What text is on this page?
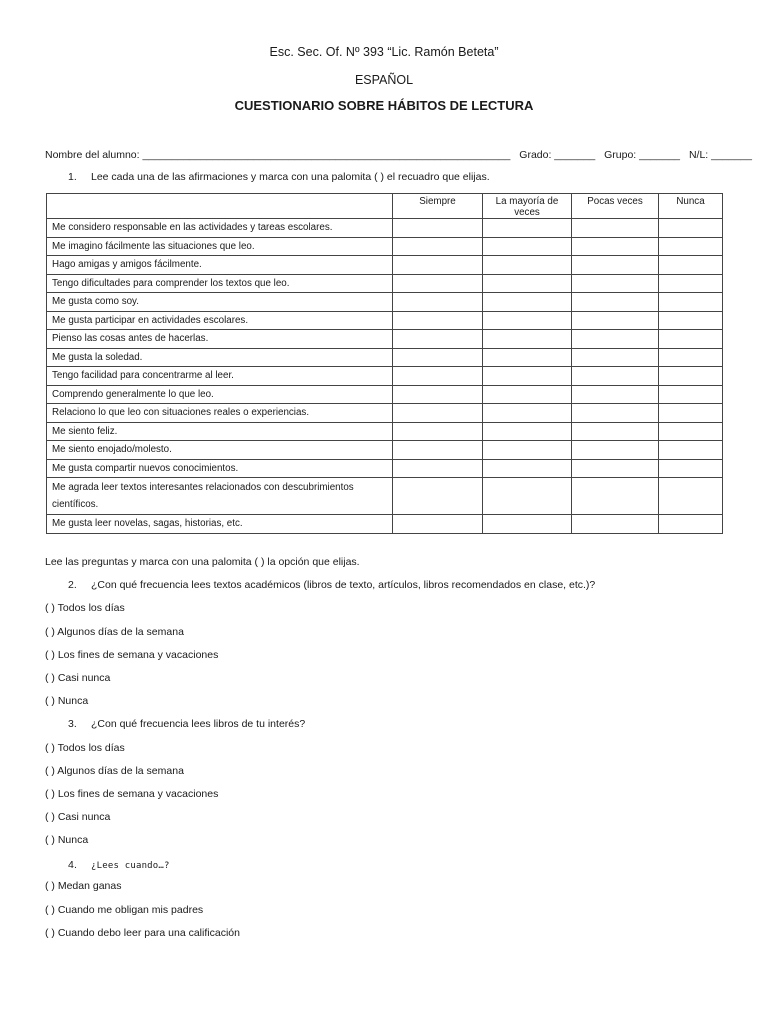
Esc. Sec. Of. Nº 393 “Lic. Ramón Beteta”
ESPAÑOL
CUESTIONARIO SOBRE HÁBITOS DE LECTURA
Nombre del alumno: _______________________________________________________________ Grado: _______ Grupo: _______ N/L: _______
1. Lee cada una de las afirmaciones y marca con una palomita ( ) el recuadro que elijas.
	Siempre	La mayoría de veces	Pocas veces	Nunca
Me considero responsable en las actividades y tareas escolares.				
Me imagino fácilmente las situaciones que leo.				
Hago amigas y amigos fácilmente.				
Tengo dificultades para comprender los textos que leo.				
Me gusta como soy.				
Me gusta participar en actividades escolares.				
Pienso las cosas antes de hacerlas.				
Me gusta la soledad.				
Tengo facilidad para concentrarme al leer.				
Comprendo generalmente lo que leo.				
Relaciono lo que leo con situaciones reales o experiencias.				
Me siento feliz.				
Me siento enojado/molesto.				
Me gusta compartir nuevos conocimientos.				
Me agrada leer textos interesantes relacionados con descubrimientos científicos.				
Me gusta leer novelas, sagas, historias, etc.				
Lee las preguntas y marca con una palomita ( ) la opción que elijas.
2. ¿Con qué frecuencia lees textos académicos (libros de texto, artículos, libros recomendados en clase, etc.)?
( ) Todos los días
( ) Algunos días de la semana
( ) Los fines de semana y vacaciones
( ) Casi nunca
( ) Nunca
3. ¿Con qué frecuencia lees libros de tu interés?
( ) Todos los días
( ) Algunos días de la semana
( ) Los fines de semana y vacaciones
( ) Casi nunca
( ) Nunca
4. ¿Lees cuando…?
( ) Medan ganas
( ) Cuando me obligan mis padres
( ) Cuando debo leer para una calificación
